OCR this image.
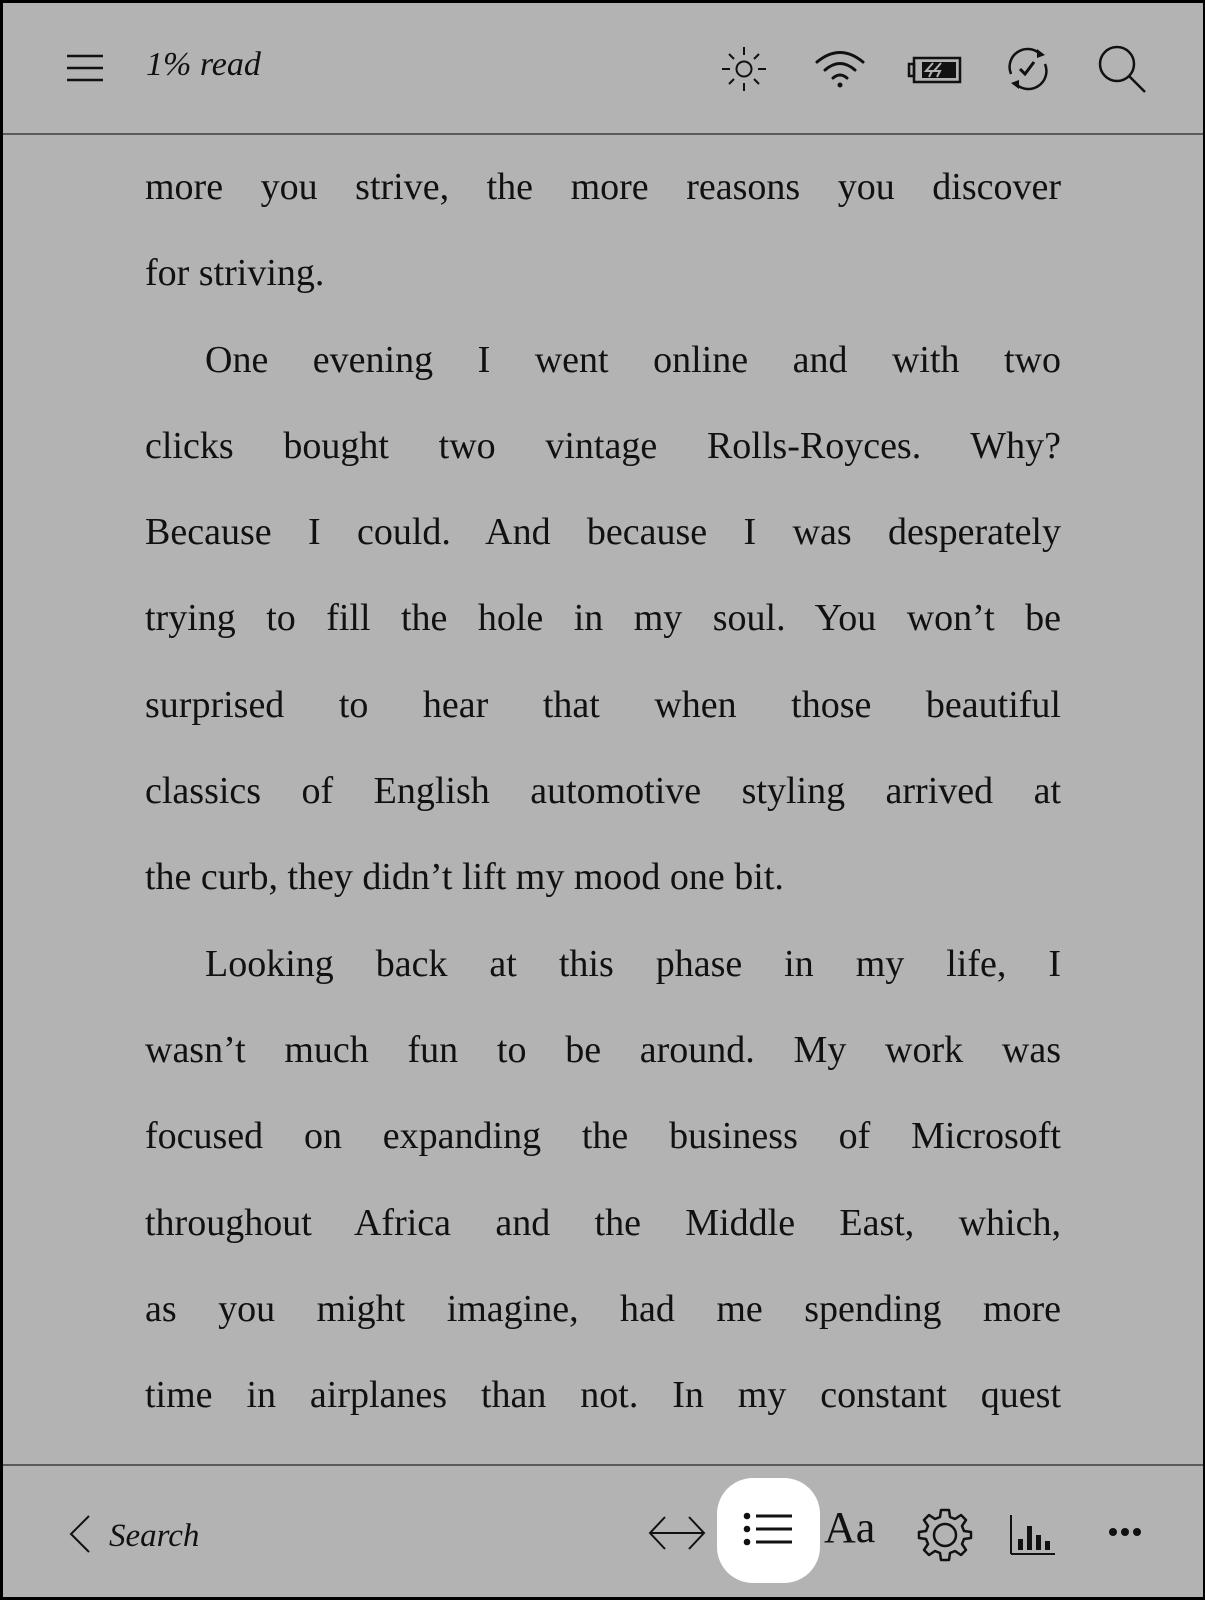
1% read
more you strive, the more reasons you discover
for striving.
One evening I went online and with two
clicks bought two vintage Rolls-Royces. Why?
Because I could. And because I was desperately
trying to fill the hole in my soul. You won’t be
surprised to hear that when those beautiful
classics of English automotive styling arrived at
the curb, they didn’t lift my mood one bit.
Looking back at this phase in my life, I
wasn’t much fun to be around. My work was
focused on expanding the business of Microsoft
throughout Africa and the Middle East, which,
as you might imagine, had me spending more
time in airplanes than not. In my constant quest
Search	Aa
